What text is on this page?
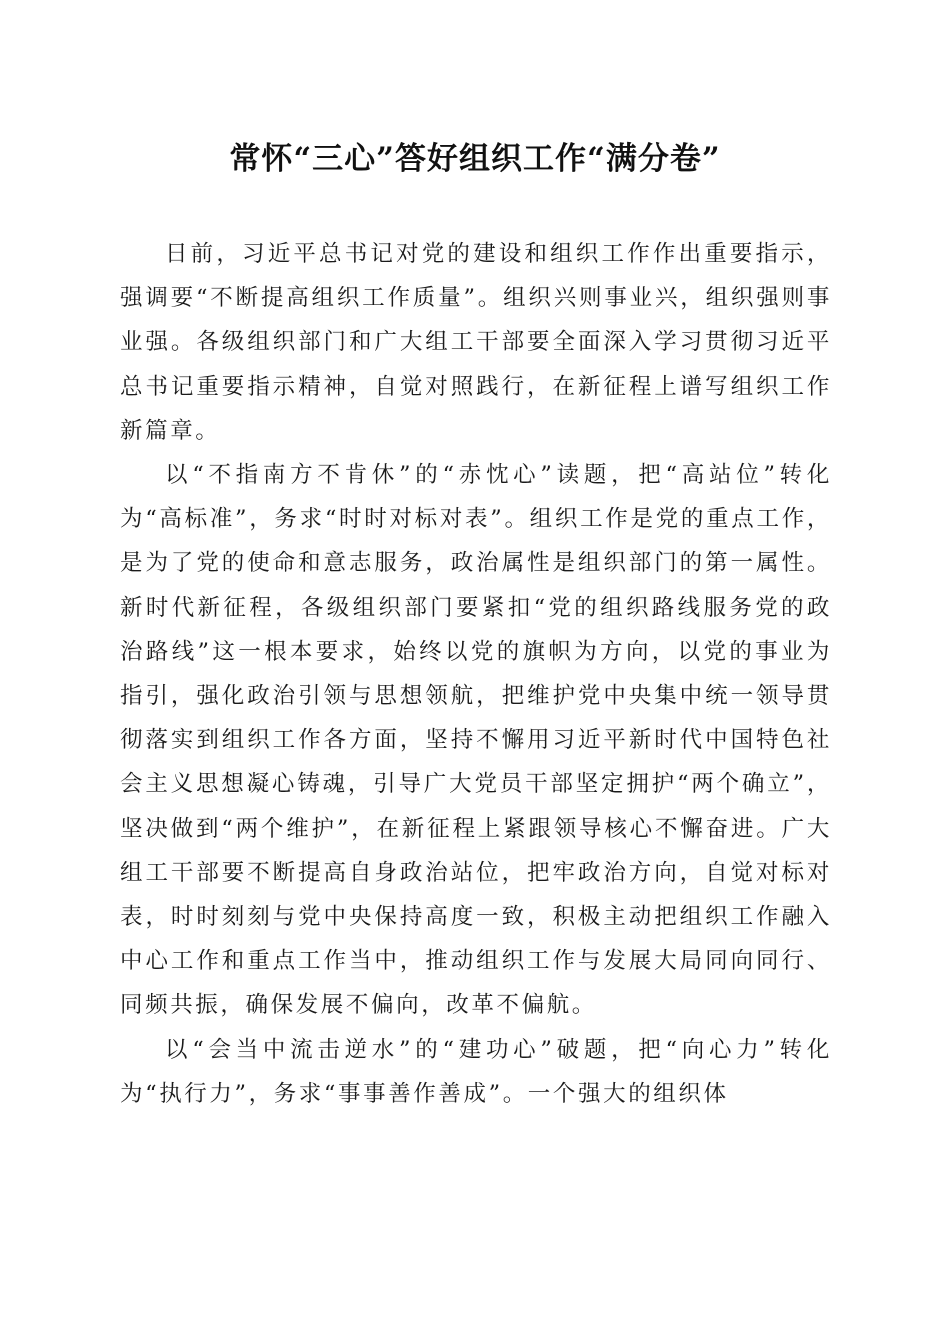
常怀“三心”答好组织工作“满分卷”

日前，习近平总书记对党的建设和组织工作作出重要指示，强调要“不断提高组织工作质量”。组织兴则事业兴，组织强则事业强。各级组织部门和广大组工干部要全面深入学习贯彻习近平总书记重要指示精神，自觉对照践行，在新征程上谱写组织工作新篇章。

以“不指南方不肯休”的“赤忱心”读题，把“高站位”转化为“高标准”，务求“时时对标对表”。组织工作是党的重点工作，是为了党的使命和意志服务，政治属性是组织部门的第一属性。新时代新征程，各级组织部门要紧扣“党的组织路线服务党的政治路线”这一根本要求，始终以党的旗帜为方向，以党的事业为指引，强化政治引领与思想领航，把维护党中央集中统一领导贯彻落实到组织工作各方面，坚持不懈用习近平新时代中国特色社会主义思想凝心铸魂，引导广大党员干部坚定拥护“两个确立”，坚决做到“两个维护”，在新征程上紧跟领导核心不懈奋进。广大组工干部要不断提高自身政治站位，把牢政治方向，自觉对标对表，时时刻刻与党中央保持高度一致，积极主动把组织工作融入中心工作和重点工作当中，推动组织工作与发展大局同向同行、同频共振，确保发展不偏向，改革不偏航。

以“会当中流击逆水”的“建功心”破题，把“向心力”转化为“执行力”，务求“事事善作善成”。一个强大的组织体
